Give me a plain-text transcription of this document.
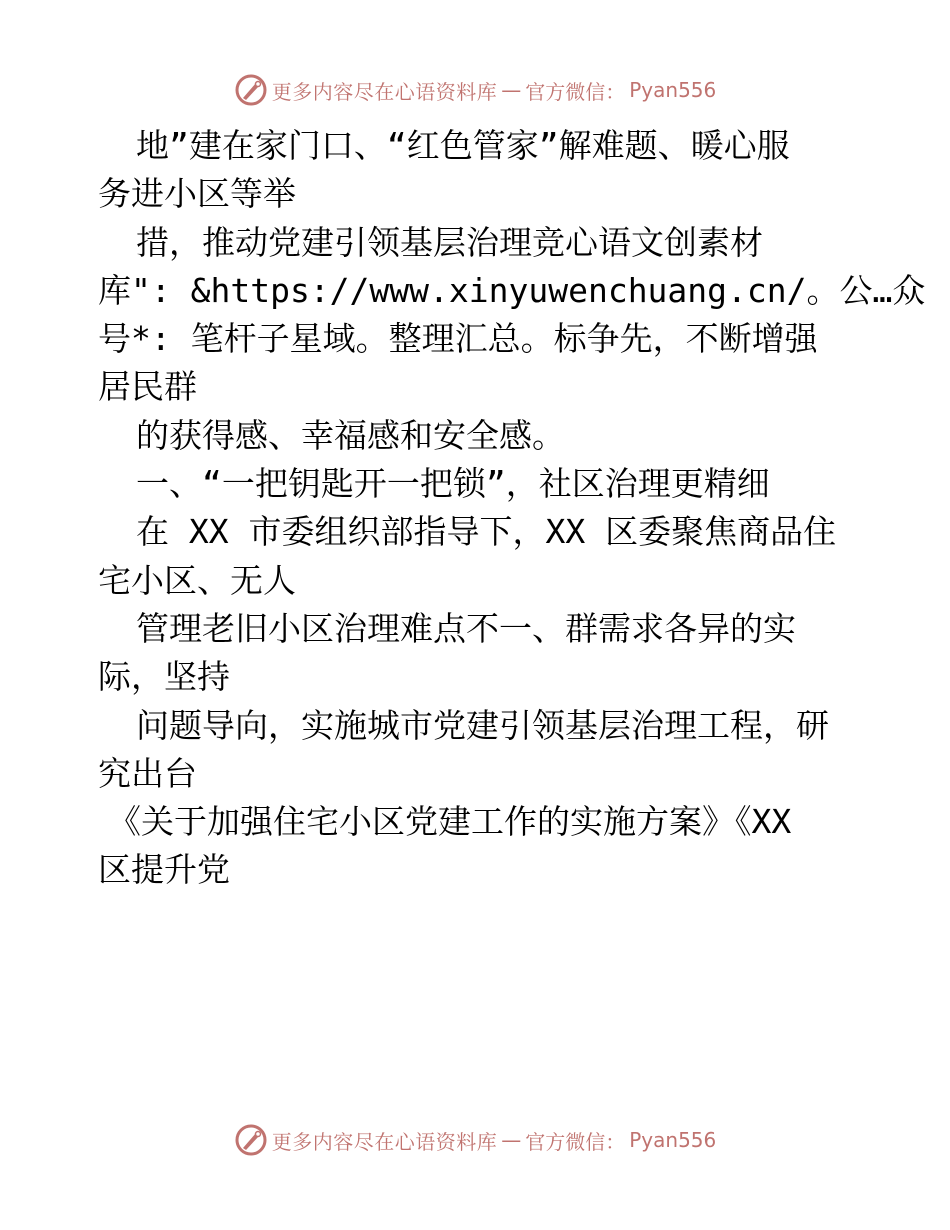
更多内容尽在心语资料库 — 官方微信： Pyan556
地”建在家门口、“红色管家”解难题、暖心服
务进小区等举
措，推动党建引领基层治理竞心语文创素材
库": &https://www.xinyuwenchuang.cn/。公…众
号*: 笔杆子星域。整理汇总。标争先，不断增强
居民群
的获得感、幸福感和安全感。
一、“一把钥匙开一把锁”，社区治理更精细
在 XX 市委组织部指导下，XX 区委聚焦商品住
宅小区、无人
管理老旧小区治理难点不一、群需求各异的实
际，坚持
问题导向，实施城市党建引领基层治理工程，研
究出台
《关于加强住宅小区党建工作的实施方案》《XX
区提升党
更多内容尽在心语资料库 — 官方微信： Pyan556
